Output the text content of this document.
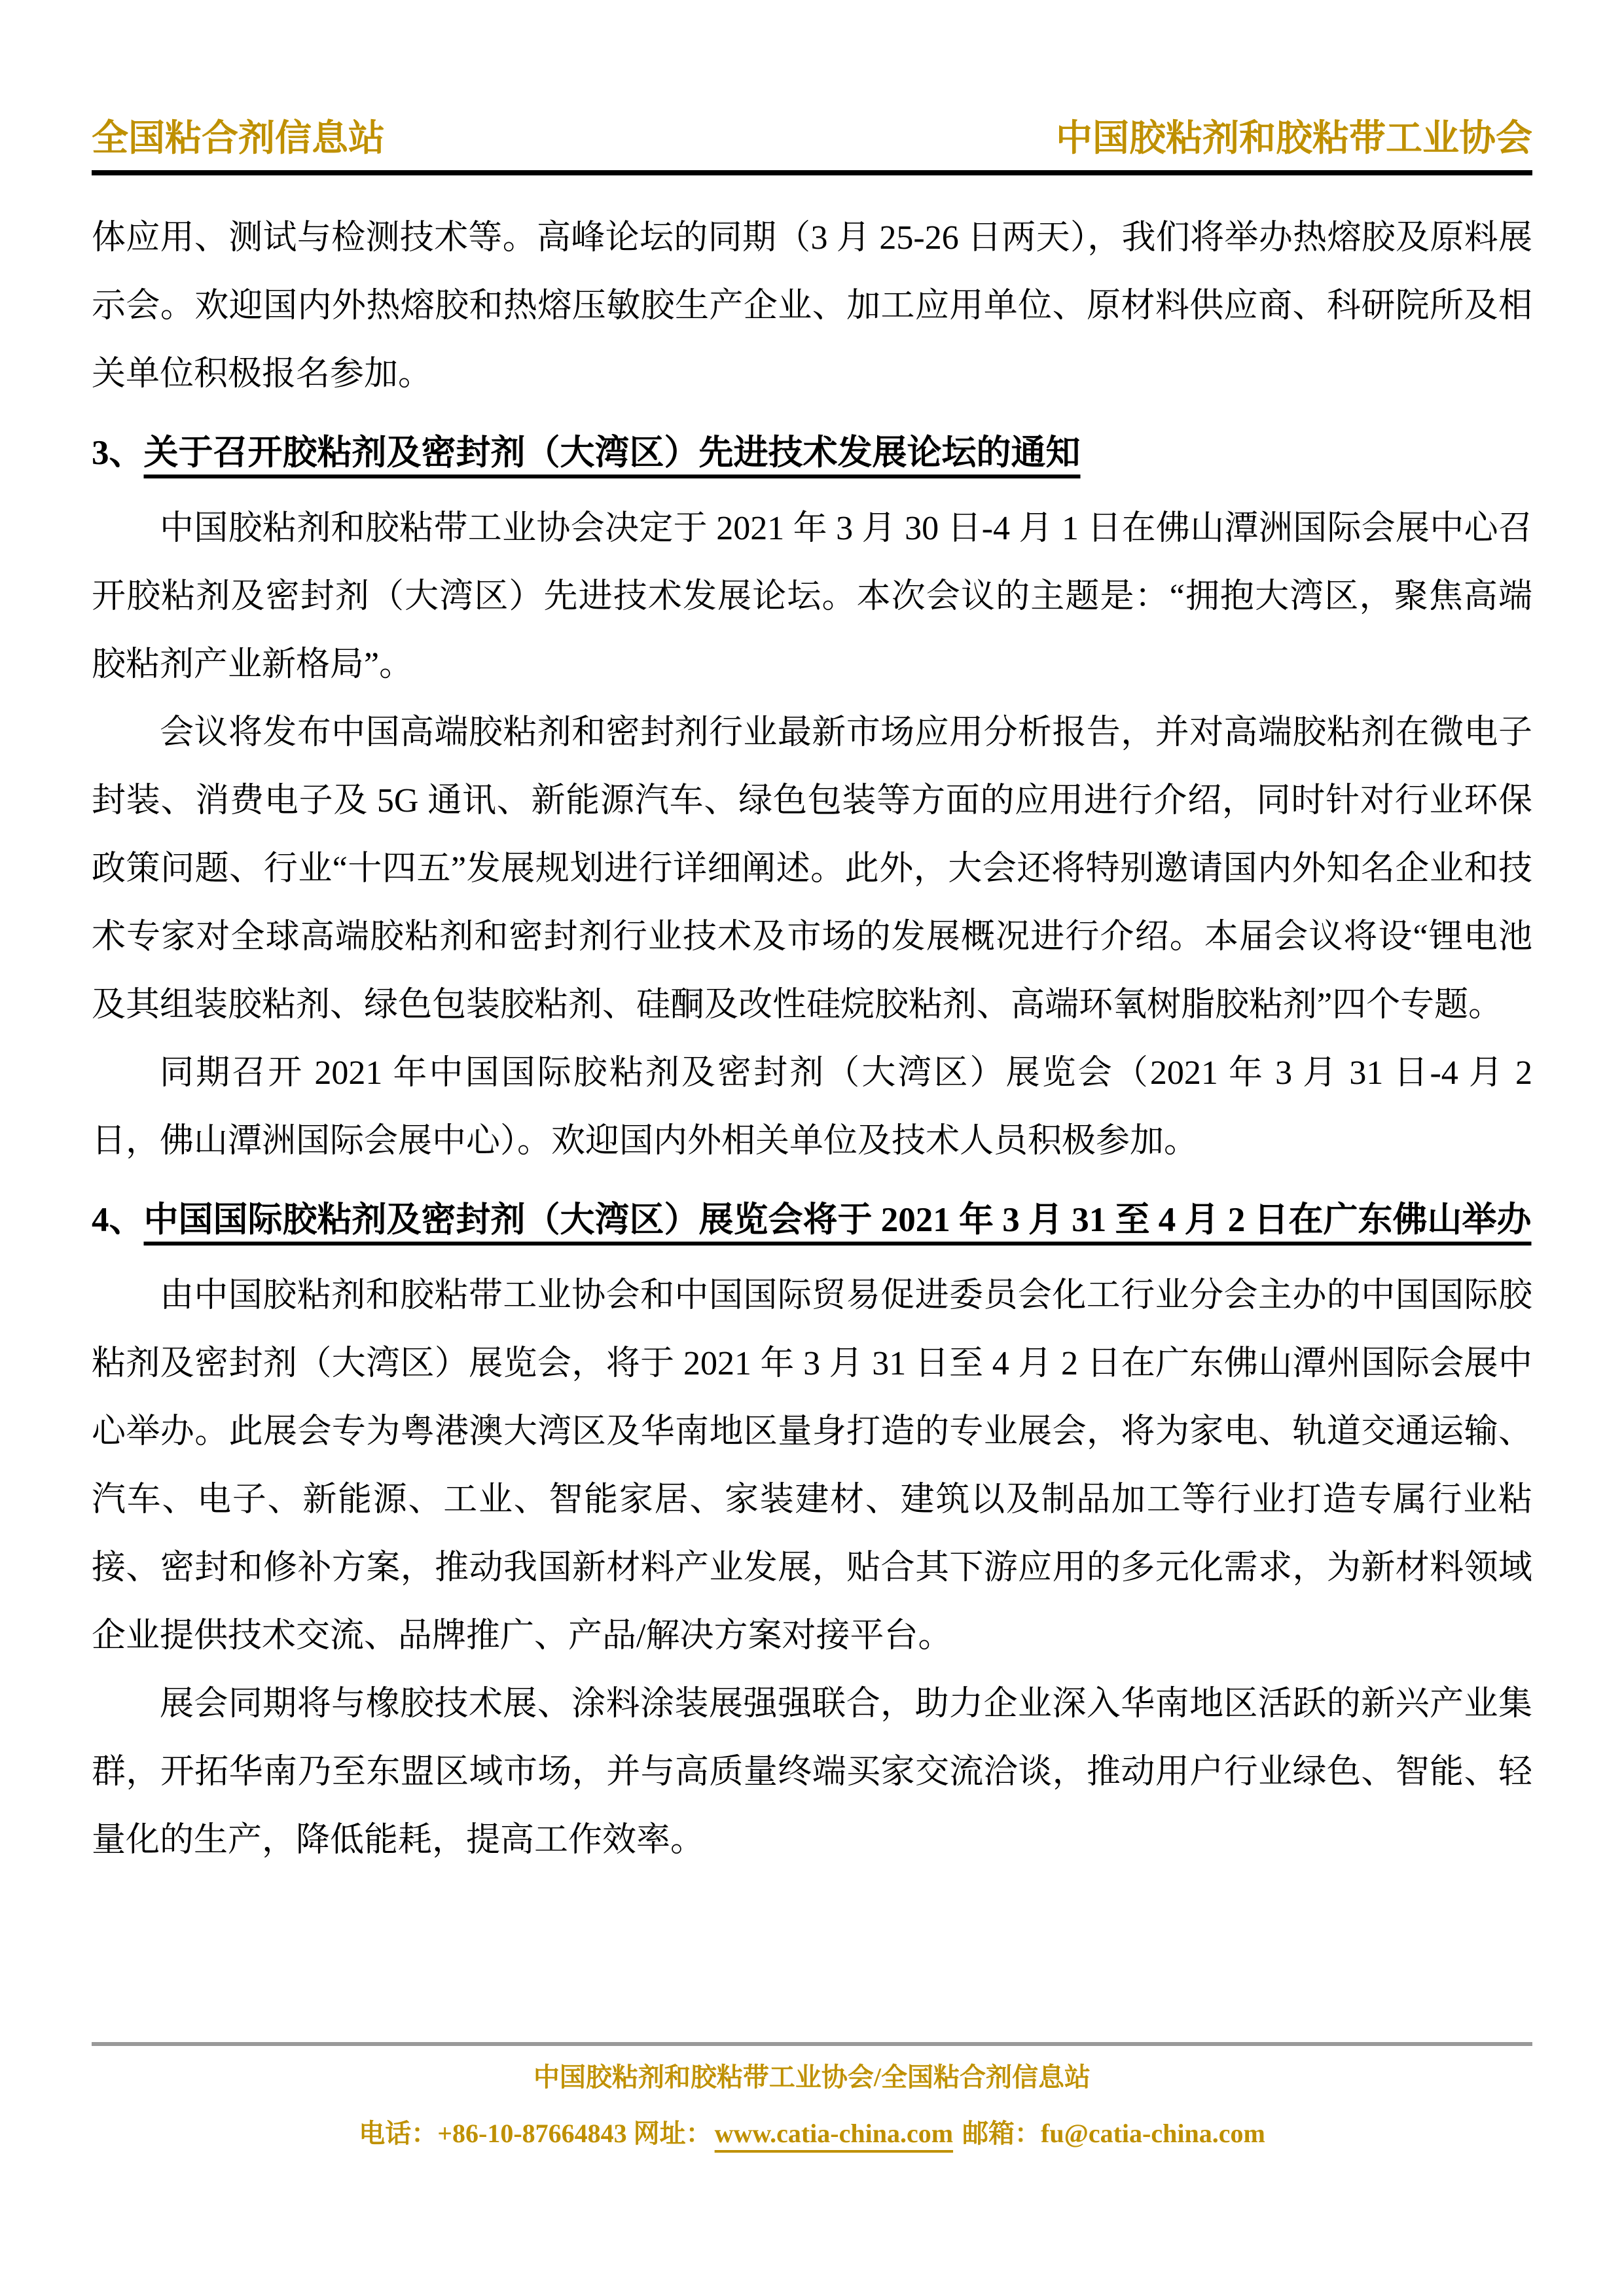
全国粘合剂信息站	中国胶粘剂和胶粘带工业协会

体应用、测试与检测技术等。高峰论坛的同期（3 月 25-26 日两天），我们将举办热熔胶及原料展示会。欢迎国内外热熔胶和热熔压敏胶生产企业、加工应用单位、原材料供应商、科研院所及相关单位积极报名参加。

3、关于召开胶粘剂及密封剂（大湾区）先进技术发展论坛的通知

中国胶粘剂和胶粘带工业协会决定于 2021 年 3 月 30 日-4 月 1 日在佛山潭洲国际会展中心召开胶粘剂及密封剂（大湾区）先进技术发展论坛。本次会议的主题是：“拥抱大湾区，聚焦高端胶粘剂产业新格局”。

会议将发布中国高端胶粘剂和密封剂行业最新市场应用分析报告，并对高端胶粘剂在微电子封装、消费电子及 5G 通讯、新能源汽车、绿色包装等方面的应用进行介绍，同时针对行业环保政策问题、行业“十四五”发展规划进行详细阐述。此外，大会还将特别邀请国内外知名企业和技术专家对全球高端胶粘剂和密封剂行业技术及市场的发展概况进行介绍。本届会议将设“锂电池及其组装胶粘剂、绿色包装胶粘剂、硅酮及改性硅烷胶粘剂、高端环氧树脂胶粘剂”四个专题。

同期召开 2021 年中国国际胶粘剂及密封剂（大湾区）展览会（2021 年 3 月 31 日-4 月 2 日，佛山潭洲国际会展中心）。欢迎国内外相关单位及技术人员积极参加。

4、中国国际胶粘剂及密封剂（大湾区）展览会将于 2021 年 3 月 31 至 4 月 2 日在广东佛山举办

由中国胶粘剂和胶粘带工业协会和中国国际贸易促进委员会化工行业分会主办的中国国际胶粘剂及密封剂（大湾区）展览会，将于 2021 年 3 月 31 日至 4 月 2 日在广东佛山潭州国际会展中心举办。此展会专为粤港澳大湾区及华南地区量身打造的专业展会，将为家电、轨道交通运输、汽车、电子、新能源、工业、智能家居、家装建材、建筑以及制品加工等行业打造专属行业粘接、密封和修补方案，推动我国新材料产业发展，贴合其下游应用的多元化需求，为新材料领域企业提供技术交流、品牌推广、产品/解决方案对接平台。

展会同期将与橡胶技术展、涂料涂装展强强联合，助力企业深入华南地区活跃的新兴产业集群，开拓华南乃至东盟区域市场，并与高质量终端买家交流洽谈，推动用户行业绿色、智能、轻量化的生产，降低能耗，提高工作效率。

中国胶粘剂和胶粘带工业协会/全国粘合剂信息站
电话：+86-10-87664843 网址： www.catia-china.com 邮箱：fu@catia-china.com
